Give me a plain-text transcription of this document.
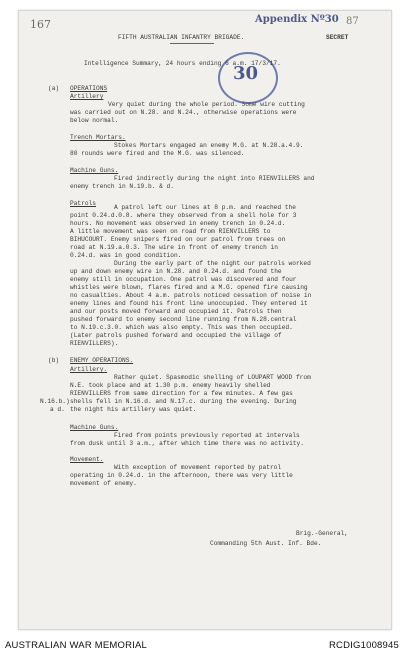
167	Appendix Nº30 87
30
FIFTH AUSTRALIAN INFANTRY BRIGADE.	SECRET
Intelligence Summary, 24 hours ending 6 a.m. 17/3/17.
(a) OPERATIONS
Artillery
Very quiet during the whole period. Some wire cutting
was carried out on N.28. and N.24., otherwise operations were
below normal.
Trench Mortars.
Stokes Mortars engaged an enemy M.G. at N.28.a.4.9.
80 rounds were fired and the M.G. was silenced.
Machine Guns.
Fired indirectly during the night into RIENVILLERS and
enemy trench in N.19.b. & d.
Patrols
A patrol left our lines at 8 p.m. and reached the
point 0.24.d.0.8. where they observed from a shell hole for 3
hours. No movement was observed in enemy trench in 0.24.d.
A little movement was seen on road from RIENVILLERS to
BIHUCOURT. Enemy snipers fired on our patrol from trees on
road at N.19.a.0.3. The wire in front of enemy trench in
0.24.d. was in good condition.
During the early part of the night our patrols worked
up and down enemy wire in N.28. and 0.24.d. and found the
enemy still in occupation. One patrol was discovered and four
whistles were blown, flares fired and a M.G. opened fire causing
no casualties. About 4 a.m. patrols noticed cessation of noise in
enemy lines and found his front line unoccupied. They entered it
and our posts moved forward and occupied it. Patrols then
pushed forward to enemy second line running from N.28.central
to N.19.c.3.0. which was also empty. This was then occupied.
(Later patrols pushed forward and occupied the village of
RIENVILLERS).
(b) ENEMY OPERATIONS.
Artillery.
Rather quiet. Spasmodic shelling of LOUPART WOOD from
N.E. took place and at 1.30 p.m. enemy heavily shelled
RIENVILLERS from same direction for a few minutes. A few gas
shells fell in N.16.d. and N.17.c. during the evening. During
the night his artillery was quiet.
N.16.b.)
a d.
Machine Guns.
Fired from points previously reported at intervals
from dusk until 3 a.m., after which time there was no activity.
Movement.
With exception of movement reported by patrol
operating in 0.24.d. in the afternoon, there was very little
movement of enemy.
Brig.-General,
Commanding 5th Aust. Inf. Bde.
AUSTRALIAN WAR MEMORIAL	RCDIG1008945
